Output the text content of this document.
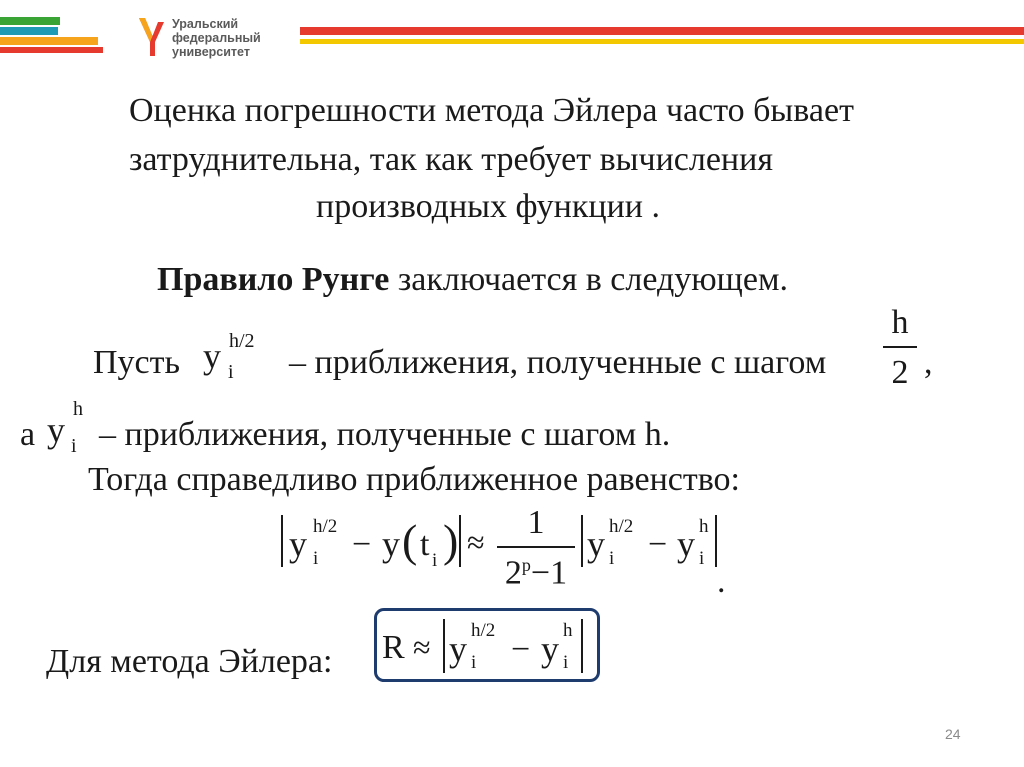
Уральский
федеральный
университет
Оценка погрешности метода Эйлера часто бывает
затруднительна, так как требует вычисления
производных функции .
Правило Рунге заключается в следующем.
Пусть y i
h/2
– приближения, полученные с шагом
h
2 ,
а y i
h
– приближения, полученные с шагом h.
Тогда справедливо приближенное равенство:
y h/2
i − y ( t i ) ≈
1
$2^p-1$
y h/2
i − y h
i
.
Для метода Эйлера: R ≈ y h/2
i − y h
i
24
